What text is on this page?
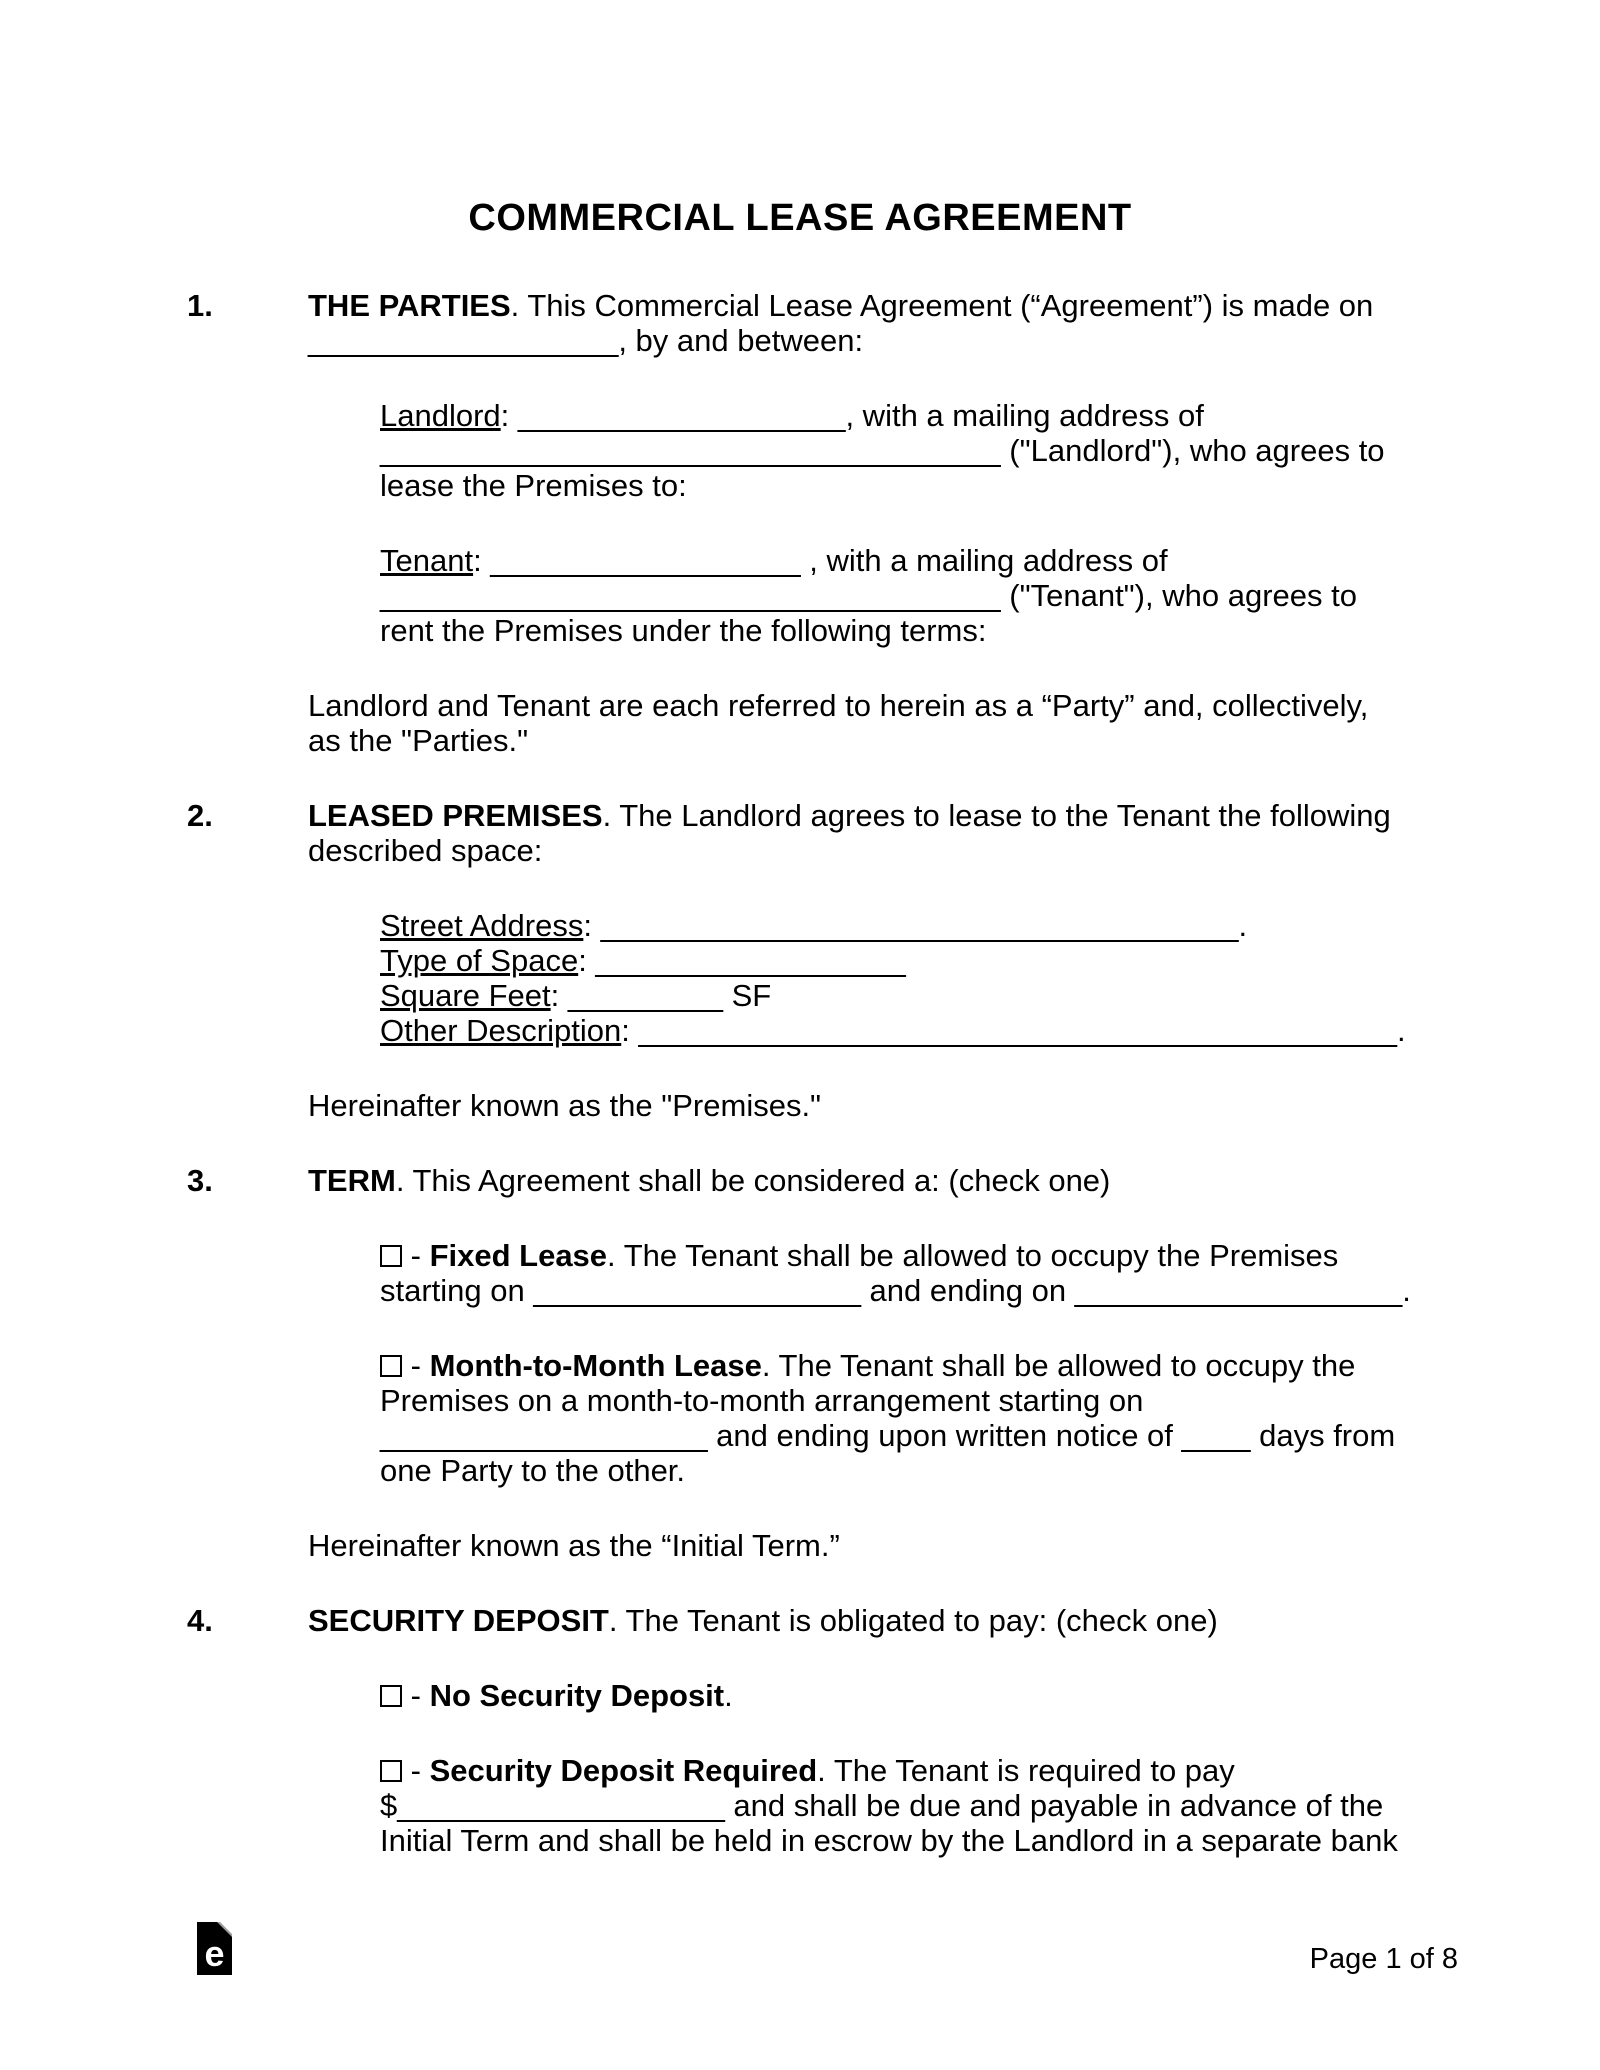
COMMERCIAL LEASE AGREEMENT
1.	THE PARTIES. This Commercial Lease Agreement (“Agreement”) is made on
__________________, by and between:
Landlord: ___________________, with a mailing address of
____________________________________ ("Landlord"), who agrees to
lease the Premises to:
Tenant: __________________ , with a mailing address of
____________________________________ ("Tenant"), who agrees to
rent the Premises under the following terms:
Landlord and Tenant are each referred to herein as a “Party” and, collectively,
as the "Parties."
2.	LEASED PREMISES. The Landlord agrees to lease to the Tenant the following
described space:
Street Address: _____________________________________.
Type of Space: __________________
Square Feet: _________ SF
Other Description: ____________________________________________.
Hereinafter known as the "Premises."
3.	TERM. This Agreement shall be considered a: (check one)
- Fixed Lease. The Tenant shall be allowed to occupy the Premises
starting on ___________________ and ending on ___________________.
- Month-to-Month Lease. The Tenant shall be allowed to occupy the
Premises on a month-to-month arrangement starting on
___________________ and ending upon written notice of ____ days from
one Party to the other.
Hereinafter known as the “Initial Term.”
4.	SECURITY DEPOSIT. The Tenant is obligated to pay: (check one)
- No Security Deposit.
- Security Deposit Required. The Tenant is required to pay
$___________________ and shall be due and payable in advance of the
Initial Term and shall be held in escrow by the Landlord in a separate bank
e	Page 1 of 8
